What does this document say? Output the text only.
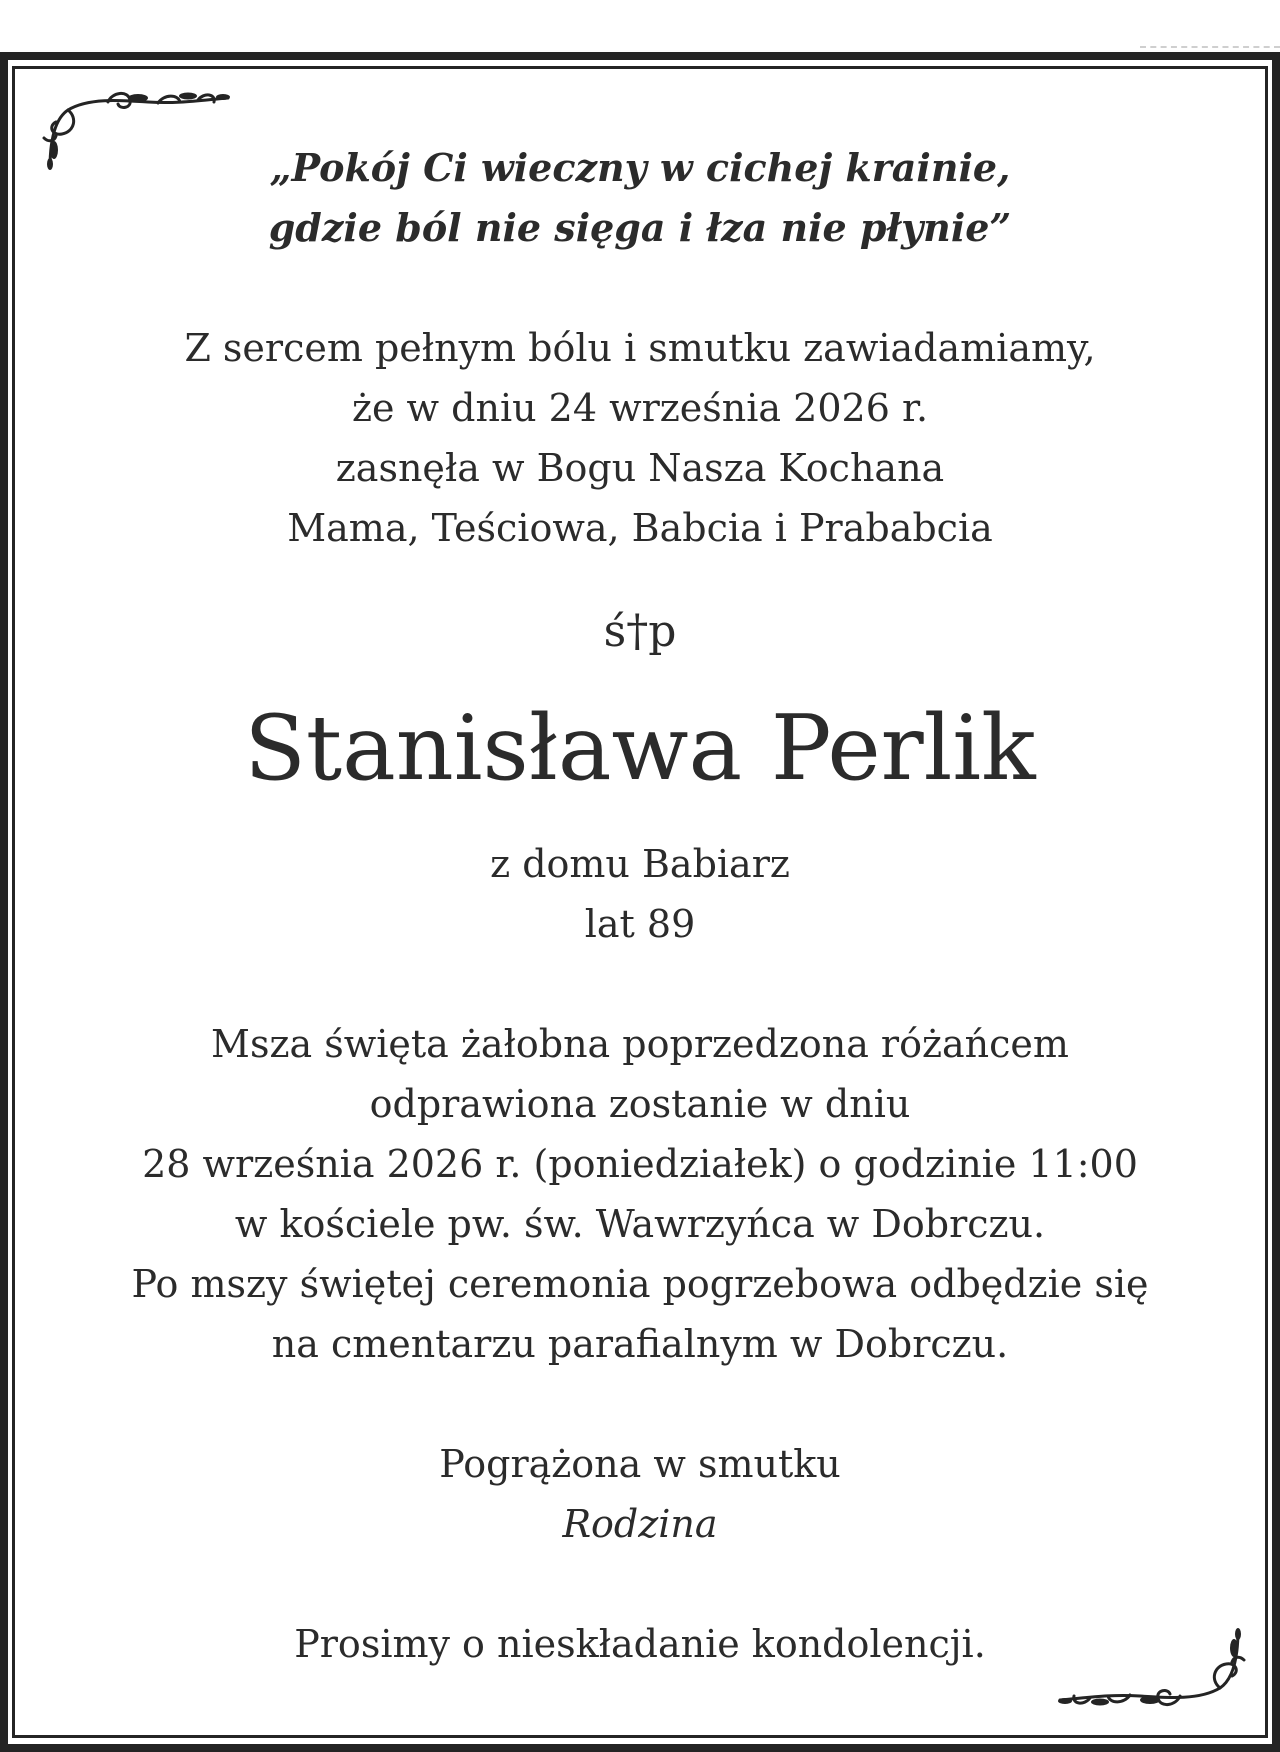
„Pokój Ci wieczny w cichej krainie,
gdzie ból nie sięga i łza nie płynie”
Z sercem pełnym bólu i smutku zawiadamiamy,
że w dniu 24 września 2026 r.
zasnęła w Bogu Nasza Kochana
Mama, Teściowa, Babcia i Prababcia
ś†p
Stanisława Perlik
z domu Babiarz
lat 89
Msza święta żałobna poprzedzona różańcem
odprawiona zostanie w dniu
28 września 2026 r. (poniedziałek) o godzinie 11:00
w kościele pw. św. Wawrzyńca w Dobrczu.
Po mszy świętej ceremonia pogrzebowa odbędzie się
na cmentarzu parafialnym w Dobrczu.
Pogrążona w smutku
Rodzina
Prosimy o nieskładanie kondolencji.
